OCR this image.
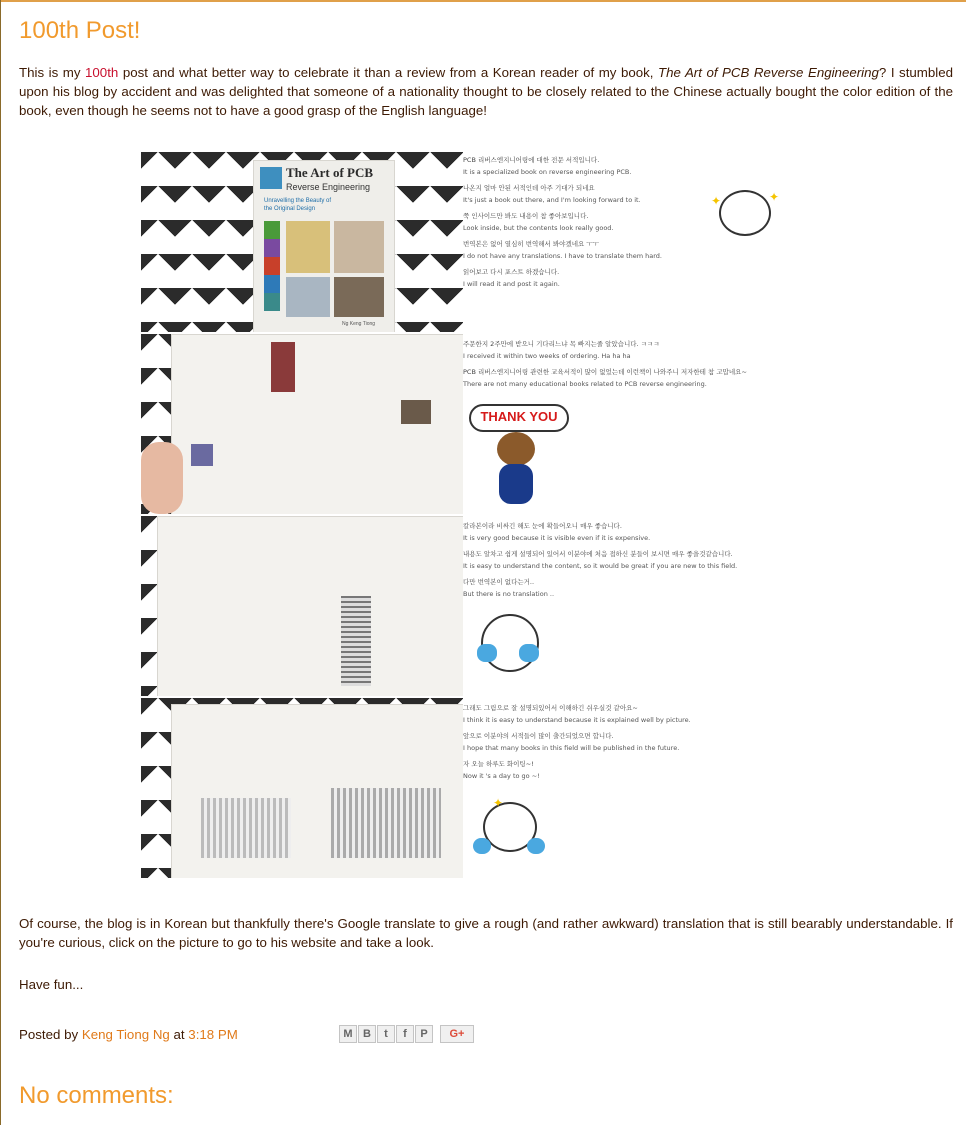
100th Post!

This is my 100th post and what better way to celebrate it than a review from a Korean reader of my book, The Art of PCB Reverse Engineering? I stumbled upon his blog by accident and was delighted that someone of a nationality thought to be closely related to the Chinese actually bought the color edition of the book, even though he seems not to have a good grasp of the English language!

The Art of PCB
Reverse Engineering
Unravelling the Beauty of the Original Design
Ng Keng Tiong

PCB 리버스엔지니어링에 대한 전문 서적입니다.

It is a specialized book on reverse engineering PCB.

나온지 얼마 안된 서적인데 아주 기대가 되네요

It's just a book out there, and I'm looking forward to it.

쭉 인사이드만 봐도 내용이 참 좋아보입니다.

Look inside, but the contents look really good.

번역본은 없어 열심히 번역해서 봐야겠네요 ㅜㅜ

I do not have any translations. I have to translate them hard.

읽어보고 다시 포스트 하겠습니다.

I will read it and post it again.

✦	✦

주문한지 2주만에 받으니 기다리느냐 목 빠지는줄 알았습니다. ㅋㅋㅋ

I received it within two weeks of ordering. Ha ha ha

PCB 리버스엔지니어링 관련한 교육서적이 많이 없었는데 이런책이 나와주니 저자한테 참 고맙네요~

There are not many educational books related to PCB reverse engineering.

THANK YOU

칼라본이라 비싸긴 해도 눈에 확들어오니 매우 좋습니다.

It is very good because it is visible even if it is expensive.

내용도 알차고 쉽게 설명되어 있어서 이분야에 처음 접하신 분들이 보시면 매우 좋을것같습니다.

It is easy to understand the content, so it would be great if you are new to this field.

다만 번역본이 없다는거..

But there is no translation ..

그래도 그림으로 잘 설명되있어서 이해하긴 쉬우실것 같아요~

I think it is easy to understand because it is explained well by picture.

앞으로 이분야의 서적들이 많이 출간되었으면 합니다.

I hope that many books in this field will be published in the future.

자 오늘 하루도 화이팅~!

Now it 's a day to go ~!

✦

Of course, the blog is in Korean but thankfully there's Google translate to give a rough (and rather awkward) translation that is still bearably understandable. If you're curious, click on the picture to go to his website and take a look.

Have fun...

Posted by Keng Tiong Ng at 3:18 PM	M B	t	f	P	G+
No comments:
